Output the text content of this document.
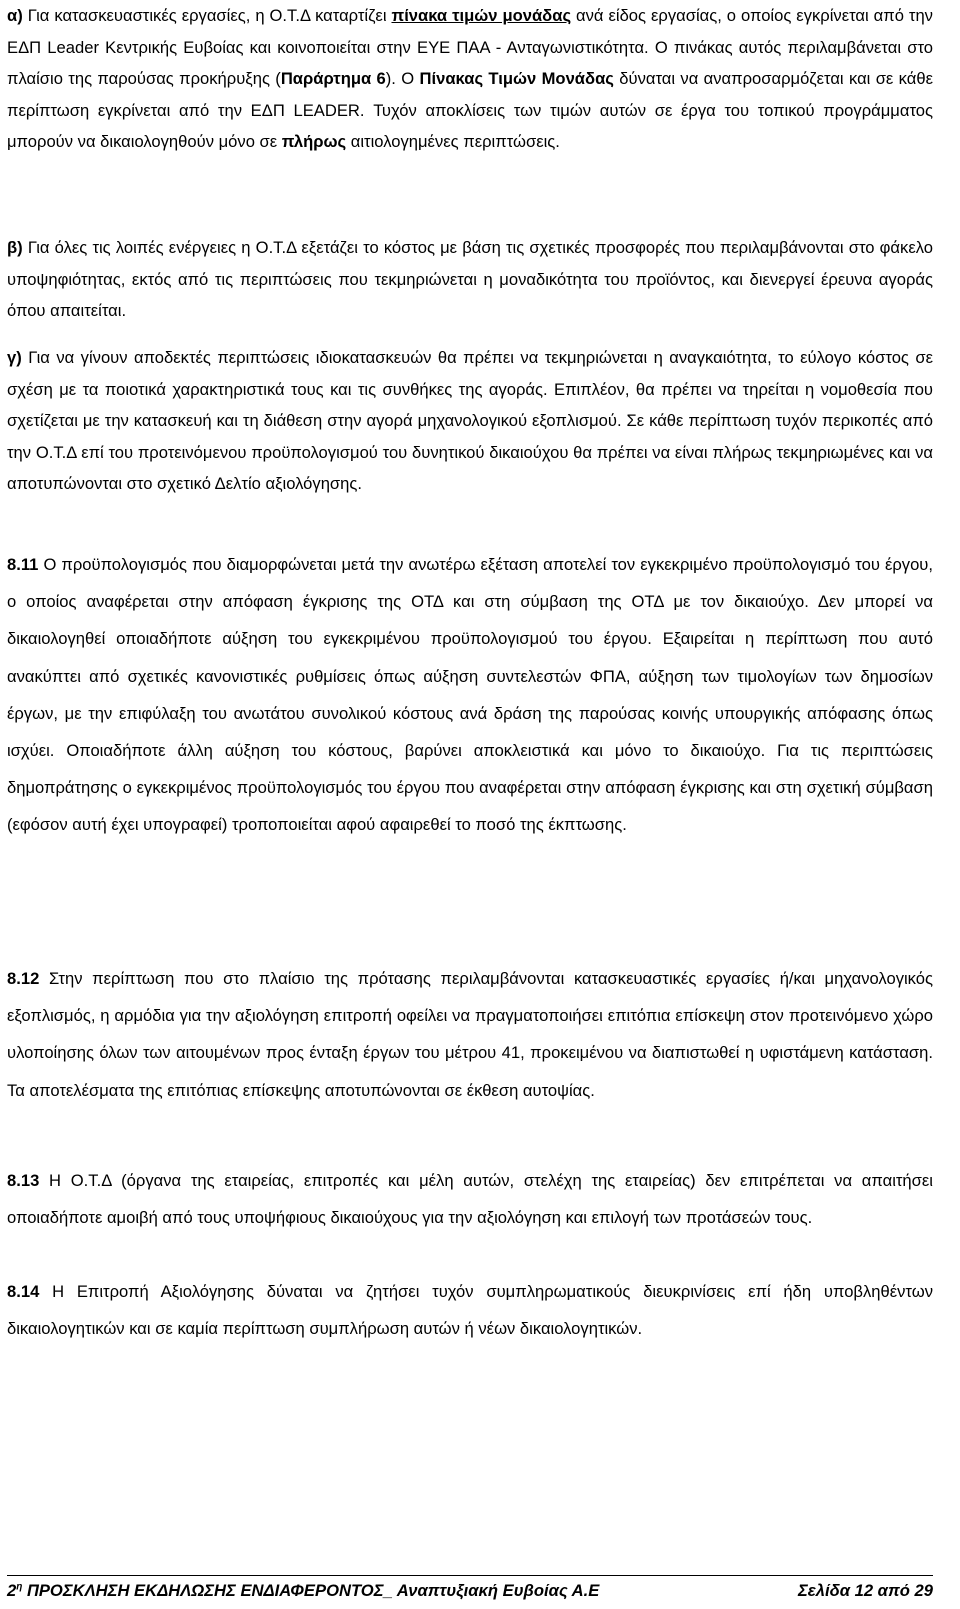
α) Για κατασκευαστικές εργασίες, η Ο.Τ.Δ καταρτίζει πίνακα τιμών μονάδας ανά είδος εργασίας, ο οποίος εγκρίνεται από την ΕΔΠ Leader Κεντρικής Ευβοίας και κοινοποιείται στην ΕΥΕ ΠΑΑ - Ανταγωνιστικότητα. Ο πινάκας αυτός περιλαμβάνεται στο πλαίσιο της παρούσας προκήρυξης (Παράρτημα 6). Ο Πίνακας Τιμών Μονάδας δύναται να αναπροσαρμόζεται και σε κάθε περίπτωση εγκρίνεται από την ΕΔΠ LEADER. Τυχόν αποκλίσεις των τιμών αυτών σε έργα του τοπικού προγράμματος μπορούν να δικαιολογηθούν μόνο σε πλήρως αιτιολογημένες περιπτώσεις.

β) Για όλες τις λοιπές ενέργειες η Ο.Τ.Δ εξετάζει το κόστος με βάση τις σχετικές προσφορές που περιλαμβάνονται στο φάκελο υποψηφιότητας, εκτός από τις περιπτώσεις που τεκμηριώνεται η μοναδικότητα του προϊόντος, και διενεργεί έρευνα αγοράς όπου απαιτείται.

γ) Για να γίνουν αποδεκτές περιπτώσεις ιδιοκατασκευών θα πρέπει να τεκμηριώνεται η αναγκαιότητα, το εύλογο κόστος σε σχέση με τα ποιοτικά χαρακτηριστικά τους και τις συνθήκες της αγοράς. Επιπλέον, θα πρέπει να τηρείται η νομοθεσία που σχετίζεται με την κατασκευή και τη διάθεση στην αγορά μηχανολογικού εξοπλισμού. Σε κάθε περίπτωση τυχόν περικοπές από την Ο.Τ.Δ επί του προτεινόμενου προϋπολογισμού του δυνητικού δικαιούχου θα πρέπει να είναι πλήρως τεκμηριωμένες και να αποτυπώνονται στο σχετικό Δελτίο αξιολόγησης.

8.11 Ο προϋπολογισμός που διαμορφώνεται μετά την ανωτέρω εξέταση αποτελεί τον εγκεκριμένο προϋπολογισμό του έργου, ο οποίος αναφέρεται στην απόφαση έγκρισης της ΟΤΔ και στη σύμβαση της ΟΤΔ με τον δικαιούχο. Δεν μπορεί να δικαιολογηθεί οποιαδήποτε αύξηση του εγκεκριμένου προϋπολογισμού του έργου. Εξαιρείται η περίπτωση που αυτό ανακύπτει από σχετικές κανονιστικές ρυθμίσεις όπως αύξηση συντελεστών ΦΠΑ, αύξηση των τιμολογίων των δημοσίων έργων, με την επιφύλαξη του ανωτάτου συνολικού κόστους ανά δράση της παρούσας κοινής υπουργικής απόφασης όπως ισχύει. Οποιαδήποτε άλλη αύξηση του κόστους, βαρύνει αποκλειστικά και μόνο το δικαιούχο. Για τις περιπτώσεις δημοπράτησης ο εγκεκριμένος προϋπολογισμός του έργου που αναφέρεται στην απόφαση έγκρισης και στη σχετική σύμβαση (εφόσον αυτή έχει υπογραφεί) τροποποιείται αφού αφαιρεθεί το ποσό της έκπτωσης.

8.12 Στην περίπτωση που στο πλαίσιο της πρότασης περιλαμβάνονται κατασκευαστικές εργασίες ή/και μηχανολογικός εξοπλισμός, η αρμόδια για την αξιολόγηση επιτροπή οφείλει να πραγματοποιήσει επιτόπια επίσκεψη στον προτεινόμενο χώρο υλοποίησης όλων των αιτουμένων προς ένταξη έργων του μέτρου 41, προκειμένου να διαπιστωθεί η υφιστάμενη κατάσταση. Τα αποτελέσματα της επιτόπιας επίσκεψης αποτυπώνονται σε έκθεση αυτοψίας.

8.13 Η Ο.Τ.Δ (όργανα της εταιρείας, επιτροπές και μέλη αυτών, στελέχη της εταιρείας) δεν επιτρέπεται να απαιτήσει οποιαδήποτε αμοιβή από τους υποψήφιους δικαιούχους για την αξιολόγηση και επιλογή των προτάσεών τους.

8.14 Η Επιτροπή Αξιολόγησης δύναται να ζητήσει τυχόν συμπληρωματικούς διευκρινίσεις επί ήδη υποβληθέντων δικαιολογητικών και σε καμία περίπτωση συμπλήρωση αυτών ή νέων δικαιολογητικών.

$2^\eta$ ΠΡΟΣΚΛΗΣΗ ΕΚΔΗΛΩΣΗΣ ΕΝΔΙΑΦΕΡΟΝΤΟΣ_ Αναπτυξιακή Ευβοίας Α.Ε	Σελίδα 12 από 29
